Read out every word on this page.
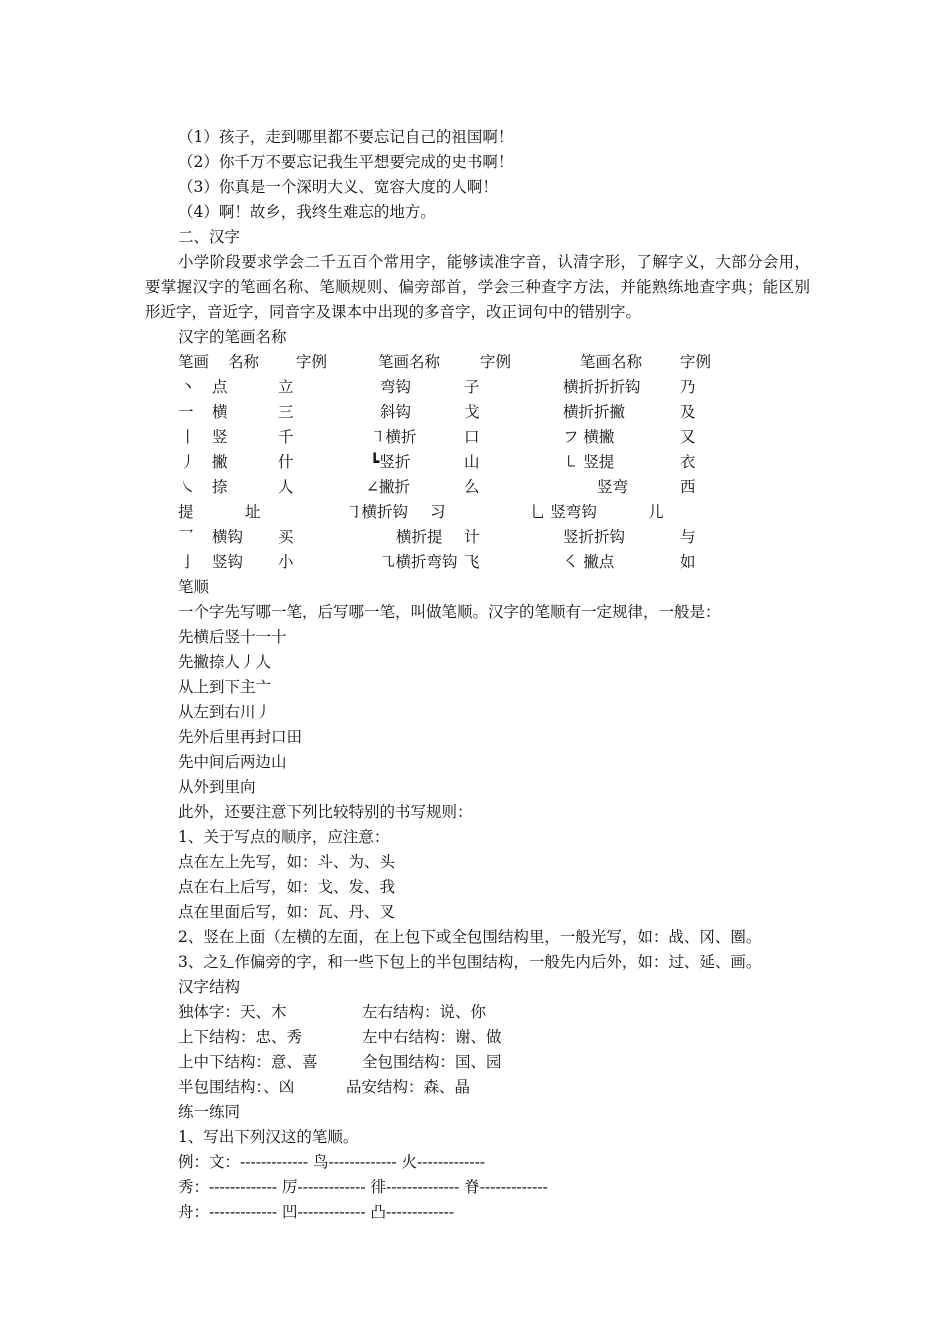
（1）孩子，走到哪里都不要忘记自己的祖国啊！
（2）你千万不要忘记我生平想要完成的史书啊！
（3）你真是一个深明大义、宽容大度的人啊！
（4）啊！故乡，我终生难忘的地方。
二、汉字
小学阶段要求学会二千五百个常用字，能够读准字音，认清字形，了解字义，大部分会用，要掌握汉字的笔画名称、笔顺规则、偏旁部首，学会三种查字方法，并能熟练地查字典；能区别形近字，音近字，同音字及课本中出现的多音字，改正词句中的错别字。
汉字的笔画名称
笔画 名称 字例	笔画名称	字例	笔画名称 字例
丶 点	立	弯钩	子	横折折折钩	乃
一 横	三	斜钩	戈	横折折撇	及
丨 竖	千	㇕横折	口	フ 横撇	又
丿 撇	什	┗竖折	山	㇄ 竖提	衣
㇏ 捺	人	∠撇折	么	竖弯	西
提	址	㇆横折钩 习	乚 竖弯钩	儿
乛 横钩 买	横折提 计	竖折折钩	与
亅 竖钩 小	㇈横折弯钩 飞	㇛ 撇点	如
笔顺
一个字先写哪一笔，后写哪一笔，叫做笔顺。汉字的笔顺有一定规律，一般是：
先横后竖十一十
先撇捺人丿人
从上到下主亠
从左到右川丿
先外后里再封口田
先中间后两边山
从外到里向
此外，还要注意下列比较特别的书写规则：
1、关于写点的顺序，应注意：
点在左上先写，如：斗、为、头
点在右上后写，如：戈、发、我
点在里面后写，如：瓦、丹、叉
2、竖在上面（左横的左面，在上包下或全包围结构里，一般光写，如：战、冈、圈。
3、之廴作偏旁的字，和一些下包上的半包围结构，一般先内后外，如：过、延、画。
汉字结构
独体字：天、木	左右结构：说、你
上下结构：忠、秀	左中右结构：谢、做
上中下结构：意、喜	全包围结构：国、园
半包围结构：、凶	品安结构：森、晶
练一练同
1、写出下列汉这的笔顺。
例：文：------------- 鸟------------- 火-------------
秀：------------- 厉------------- 徘-------------- 脊-------------
舟：------------- 凹------------- 凸-------------
